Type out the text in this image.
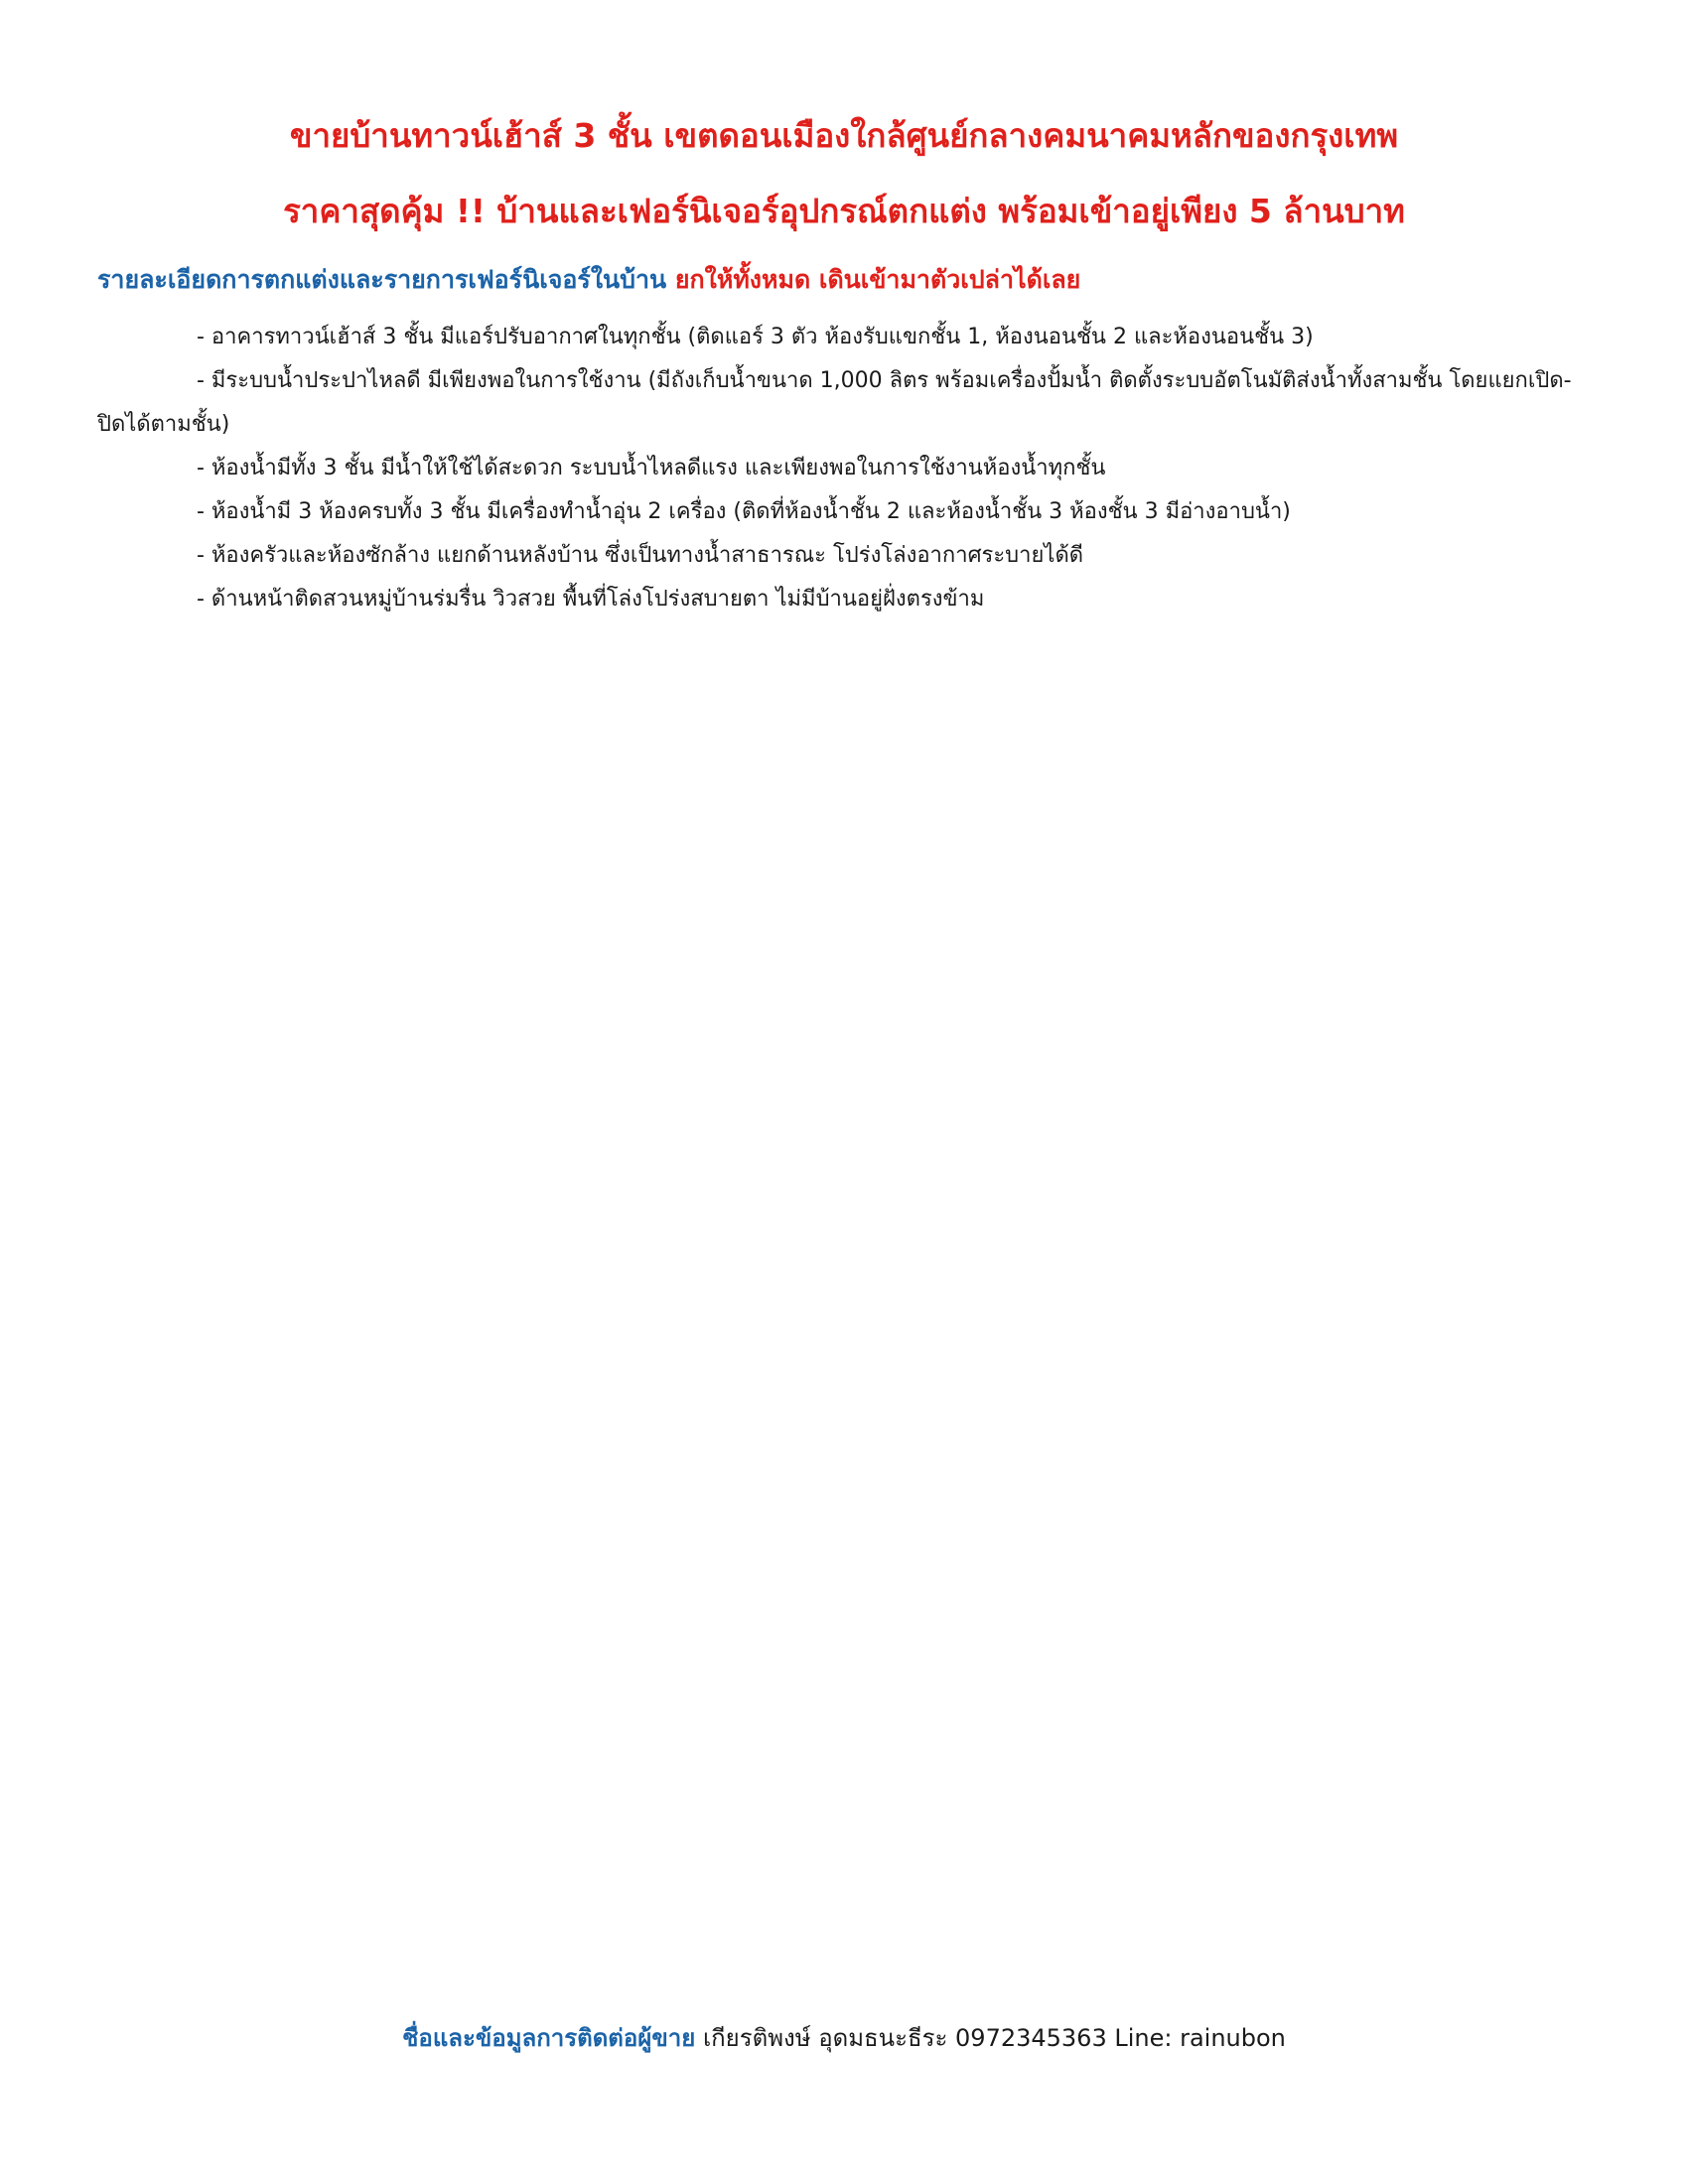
ขายบ้านทาวน์เฮ้าส์ 3 ชั้น เขตดอนเมืองใกล้ศูนย์กลางคมนาคมหลักของกรุงเทพ
ราคาสุดคุ้ม !! บ้านและเฟอร์นิเจอร์อุปกรณ์ตกแต่ง พร้อมเข้าอยู่เพียง 5 ล้านบาท
รายละเอียดการตกแต่งและรายการเฟอร์นิเจอร์ในบ้าน ยกให้ทั้งหมด เดินเข้ามาตัวเปล่าได้เลย
- อาคารทาวน์เฮ้าส์ 3 ชั้น มีแอร์ปรับอากาศในทุกชั้น (ติดแอร์ 3 ตัว ห้องรับแขกชั้น 1, ห้องนอนชั้น 2 และห้องนอนชั้น 3)
- มีระบบน้ำประปาไหลดี มีเพียงพอในการใช้งาน (มีถังเก็บน้ำขนาด 1,000 ลิตร พร้อมเครื่องปั้มน้ำ ติดตั้งระบบอัตโนมัติส่งน้ำทั้งสามชั้น โดยแยกเปิด-ปิดได้ตามชั้น)
- ห้องน้ำมีทั้ง 3 ชั้น มีน้ำให้ใช้ได้สะดวก ระบบน้ำไหลดีแรง และเพียงพอในการใช้งานห้องน้ำทุกชั้น
- ห้องน้ำมี 3 ห้องครบทั้ง 3 ชั้น มีเครื่องทำน้ำอุ่น 2 เครื่อง (ติดที่ห้องน้ำชั้น 2 และห้องน้ำชั้น 3 ห้องชั้น 3 มีอ่างอาบน้ำ)
- ห้องครัวและห้องซักล้าง แยกด้านหลังบ้าน ซึ่งเป็นทางน้ำสาธารณะ โปร่งโล่งอากาศระบายได้ดี
- ด้านหน้าติดสวนหมู่บ้านร่มรื่น วิวสวย พื้นที่โล่งโปร่งสบายตา ไม่มีบ้านอยู่ฝั่งตรงข้าม
ชื่อและข้อมูลการติดต่อผู้ขาย เกียรติพงษ์ อุดมธนะธีระ 0972345363 Line: rainubon
